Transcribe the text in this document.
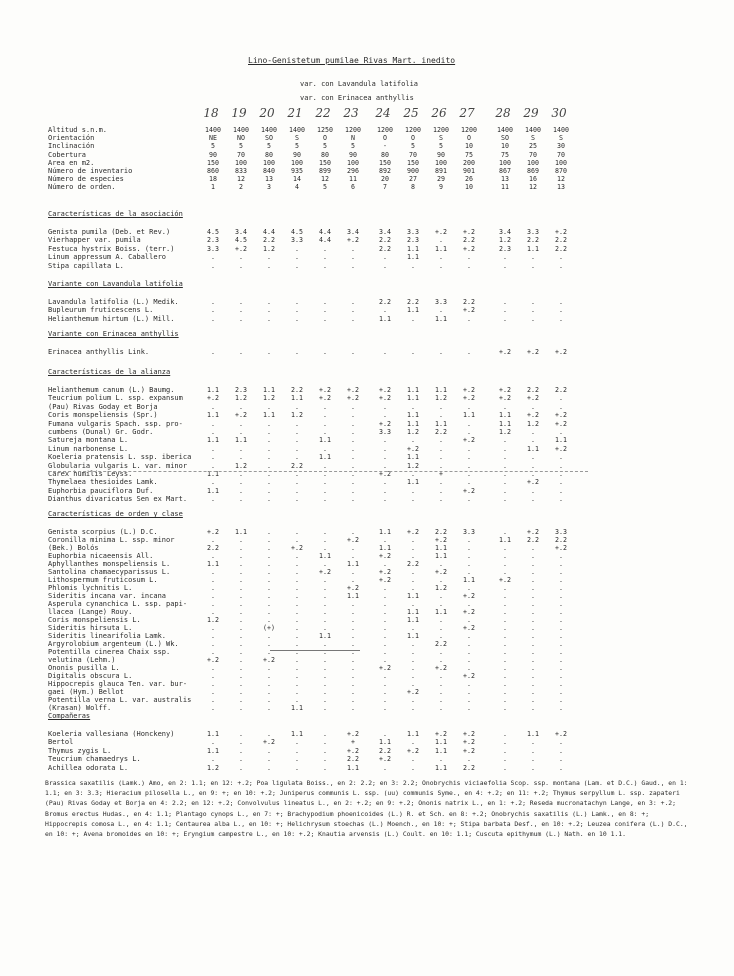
Lino-Genistetum pumilae Rivas Mart. inedito
var. con Lavandula latifolia
var. con Erinacea anthyllis
18	19	20	21	22	23	24	25	26	27	28	29	30
Altitud s.n.m.	1400	1400	1400	1400	1250	1200	1200	1200	1200	1200	1400	1400	1400
Orientación	NE	NO	SO	S	O	N	O	O	S	O	SO	S	S
Inclinación	5	5	5	5	5	5	-	5	5	10	10	25	30
Cobertura	90	70	80	90	80	90	80	70	90	75	75	70	70
Area en m2.	150	100	100	100	150	100	150	150	100	200	100	100	100
Número de inventario	860	833	840	935	899	296	892	900	891	901	867	869	870
Número de especies	18	12	13	14	12	11	20	27	29	26	13	16	12
Número de orden.	1	2	3	4	5	6	7	8	9	10	11	12	13
Características de la asociación
Genista pumila (Deb. et Rev.)	4.5	3.4	4.4	4.5	4.4	3.4	3.4	3.3	+.2	+.2	3.4	3.3	+.2
Vierhapper var. pumila	2.3	4.5	2.2	3.3	4.4	+.2	2.2	2.3	.	2.2	1.2	2.2	2.2
Festuca hystrix Boiss. (terr.)	3.3	+.2	1.2	.	.	.	2.2	1.1	1.1	+.2	2.3	1.1	2.2
Linum appressum A. Caballero	.	.	.	.	.	.	.	1.1	.	.	.	.	.
Stipa capillata L.	.	.	.	.	.	.	.	.	.	.	.	.	.
Variante con Lavandula latifolia
Lavandula latifolia (L.) Medik.	.	.	.	.	.	.	2.2	2.2	3.3	2.2	.	.	.
Bupleurum fruticescens L.	.	.	.	.	.	.	.	1.1	.	+.2	.	.	.
Helianthemum hirtum (L.) Mill.	.	.	.	.	.	.	1.1	.	1.1	.	.	.	.
Variante con Erinacea anthyllis
Erinacea anthyllis Link.	.	.	.	.	.	.	.	.	.	.	+.2	+.2	+.2
Características de la alianza
Helianthemum canum (L.) Baumg.	1.1	2.3	1.1	2.2	+.2	+.2	+.2	1.1	1.1	+.2	+.2	2.2	2.2
Teucrium polium L. ssp. expansum	+.2	1.2	1.2	1.1	+.2	+.2	+.2	1.1	1.2	+.2	+.2	+.2	.
(Pau) Rivas Goday et Borja	.	.	.	.	.	.	.	.	.	.	.	.	.
Coris monspeliensis (Spr.)	1.1	+.2	1.1	1.2	.	.	.	1.1	.	1.1	1.1	+.2	+.2
Fumana vulgaris Spach. ssp. pro-	.	.	.	.	.	.	+.2	1.1	1.1	.	1.1	1.2	+.2
cumbens (Dunal) Gr. Godr.	.	.	.	.	.	.	3.3	1.2	2.2	.	1.2	.	.
Satureja montana L.	1.1	1.1	.	.	1.1	.	.	.	.	+.2	.	.	1.1
Linum narbonense L.	.	.	.	.	.	.	.	+.2	.	.	.	1.1	+.2
Koeleria pratensis L. ssp. iberica	.	.	.	.	1.1	.	.	1.1	.	.	.	.	.
Globularia vulgaris L. var. minor	.	1.2	.	2.2	.	.	.	1.2	.	.	.	.	.
Carex humilis Leyss.	1.1	.	.	.	.	.	+.2	.	+	.	.	.	.
Thymelaea thesioides Lamk.	.	.	.	.	.	.	.	1.1	.	.	.	+.2	.
Euphorbia pauciflora Duf.	1.1	.	.	.	.	.	.	.	.	+.2	.	.	.
Dianthus divaricatus Sen ex Mart.	.	.	.	.	.	.	.	.	.	.	.	.	.
Características de orden y clase
Genista scorpius (L.) D.C.	+.2	1.1	.	.	.	.	1.1	+.2	2.2	3.3	.	+.2	3.3
Coronilla minima L. ssp. minor	.	.	.	.	.	+.2	.	.	+.2	.	1.1	2.2	2.2
(Bek.) Bolós	2.2	.	.	+.2	.	.	1.1	.	1.1	.	.	.	+.2
Euphorbia nicaeensis All.	.	.	.	.	1.1	.	+.2	.	1.1	.	.	.	.
Aphyllanthes monspeliensis L.	1.1	.	.	.	.	1.1	.	2.2	.	.	.	.	.
Santolina chamaecyparissus L.	.	.	.	.	+.2	.	+.2	.	+.2	.	.	.	.
Lithospermum fruticosum L.	.	.	.	.	.	.	+.2	.	.	1.1	+.2	.	.
Phlomis lychnitis L.	.	.	.	.	.	+.2	.	.	1.2	.	.	.	.
Sideritis incana var. incana	.	.	.	.	.	1.1	.	1.1	.	+.2	.	.	.
Asperula cynanchica L. ssp. papi-	.	.	.	.	.	.	.	.	.	.	.	.	.
llacea (Lange) Rouy.	.	.	.	.	.	.	.	1.1	1.1	+.2	.	.	.
Coris monspeliensis L.	1.2	.	.	.	.	.	.	1.1	.	.	.	.	.
Sideritis hirsuta L.	.	.	(+)	.	.	.	.	.	.	+.2	.	.	.
Sideritis linearifolia Lamk.	.	.	.	.	1.1	.	.	1.1	.	.	.	.	.
Argyrolobium argenteum (L.) Wk.	.	.	.	.	.	.	.	.	2.2	.	.	.	.
Potentilla cinerea Chaix ssp.	.	.	.	.	.	.	.	.	.	.	.	.	.
velutina (Lehm.)	+.2	.	+.2	.	.	.	.	.	.	.	.	.	.
Ononis pusilla L.	.	.	.	.	.	.	+.2	.	+.2	.	.	.	.
Digitalis obscura L.	.	.	.	.	.	.	.	.	.	+.2	.	.	.
Hippocrepis glauca Ten. var. bur-	.	.	.	.	.	.	.	.	.	.	.	.	.
gaei (Hym.) Bellot	.	.	.	.	.	.	.	+.2	.	.	.	.	.
Potentilla verna L. var. australis	.	.	.	.	.	.	.	.	.	.	.	.	.
(Krasan) Wolff.	.	.	.	1.1	.	.	.	.	.	.	.	.	.
Compañeras
Koeleria vallesiana (Honckeny)	1.1	.	.	1.1	.	+.2	.	1.1	+.2	+.2	.	1.1	+.2
Bertol	.	.	+.2	.	.	+	1.1	.	1.1	+.2	.	.	.
Thymus zygis L.	1.1	.	.	.	.	+.2	2.2	+.2	1.1	+.2	.	.	.
Teucrium chamaedrys L.	.	.	.	.	.	2.2	+.2	.	.	.	.	.	.
Achillea odorata L.	1.2	.	.	.	.	1.1	.	.	1.1	2.2	.	.	.
Brassica saxatilis (Lamk.) Amo, en 2: 1.1; en 12: +.2; Poa ligulata Boiss., en 2: 2.2; en 3: 2.2; Onobrychis viciaefolia Scop. ssp. montana (Lam. et D.C.) Gaud., en 1: 1.1; en 3: 3.3; Hieracium pilosella L., en 9: +; en 10: +.2; Juniperus communis L. ssp. (uu) communis Syme., en 4: +.2; en 11: +.2; Thymus serpyllum L. ssp. zapateri (Pau) Rivas Goday et Borja en 4: 2.2; en 12: +.2; Convolvulus lineatus L., en 2: +.2; en 9: +.2; Ononis natrix L., en 1: +.2; Reseda mucronatachyn Lange, en 3: +.2; Bromus erectus Hudas., en 4: 1.1; Plantago cynops L., en 7: +; Brachypodium phoenicoides (L.) R. et Sch. en 8: +.2; Onobrychis saxatilis (L.) Lamk., en 8: +; Hippocrepis comosa L., en 4: 1.1; Centaurea alba L., en 10: +; Helichrysum stoechas (L.) Moench., en 10: +; Stipa barbata Desf., en 10: +.2; Leuzea conifera (L.) D.C., en 10: +; Avena bromoides en 10: +; Eryngium campestre L., en 10: +.2; Knautia arvensis (L.) Coult. en 10: 1.1; Cuscuta epithymum (L.) Nath. en 10 1.1.
